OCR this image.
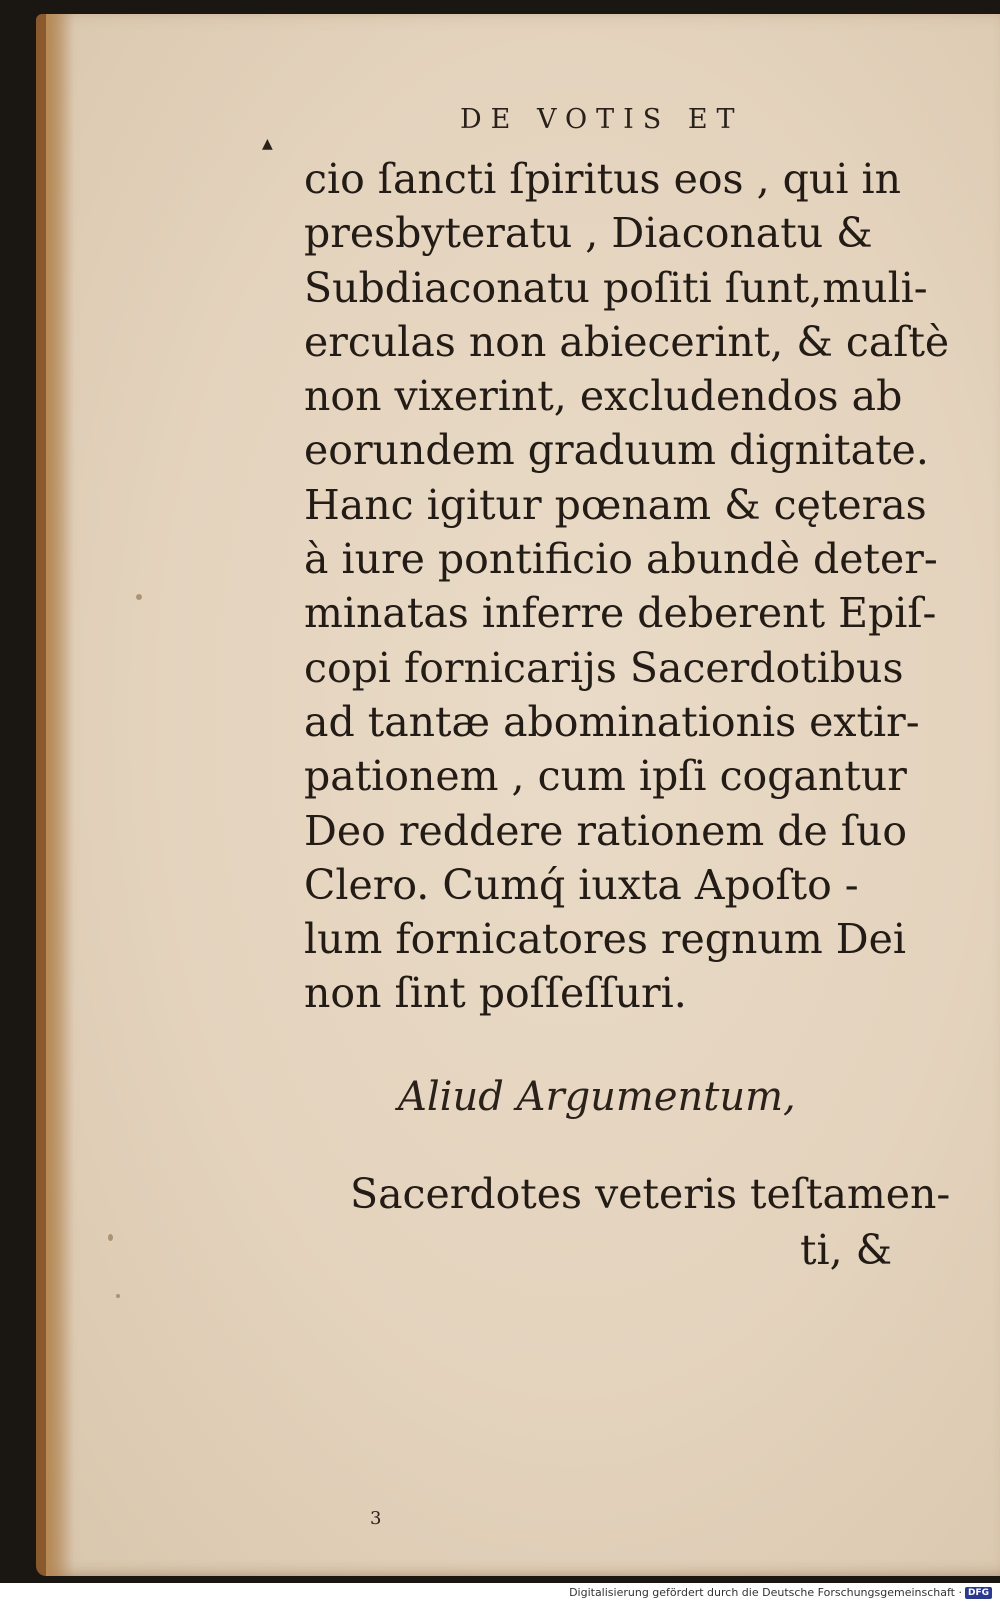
DE VOTIS ET
▲
cio ſancti ſpiritus eos , qui in
presbyteratu , Diaconatu &
Subdiaconatu poſiti ſunt,muli-
erculas non abiecerint, & caſtè
non vixerint, excludendos ab
eorundem graduum dignitate.
Hanc igitur pœnam & cęteras
à iure pontificio abundè deter-
minatas inferre deberent Epiſ-
copi fornicarijs Sacerdotibus
ad tantæ abominationis extir-
pationem , cum ipſi cogantur
Deo reddere rationem de ſuo
Clero. Cumq́ iuxta Apoſto -
lum fornicatores regnum Dei
non ſint poſſeſſuri.
Aliud Argumentum,
Sacerdotes veteris teſtamen-
ti, &
3
Digitalisierung gefördert durch die Deutsche Forschungsgemeinschaft · DFG
